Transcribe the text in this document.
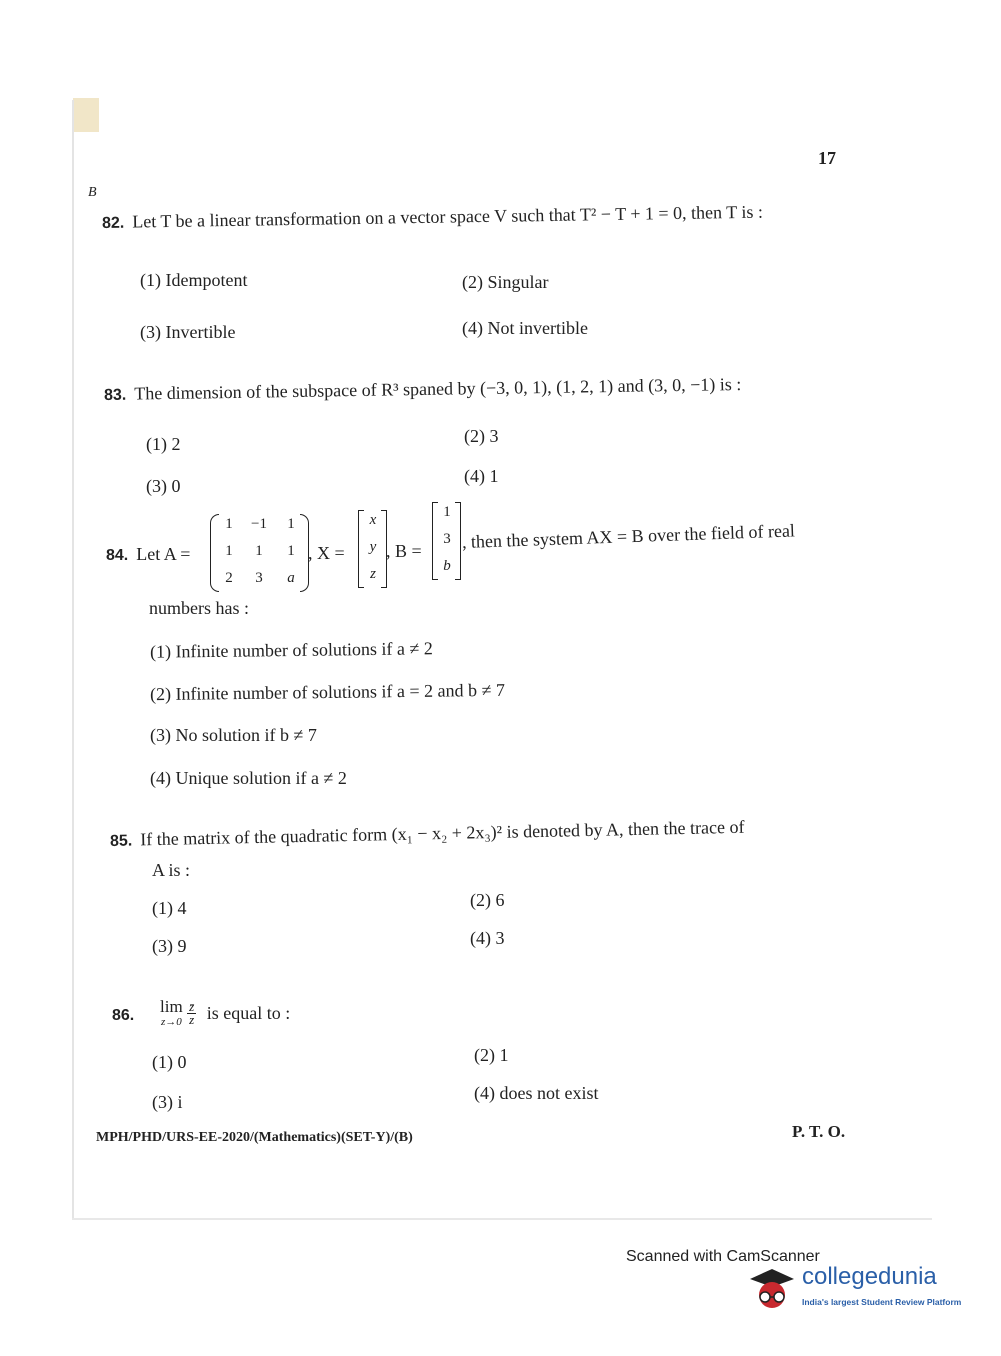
17
B
82. Let T be a linear transformation on a vector space V such that T² − T + 1 = 0, then T is :
(1) Idempotent	(2) Singular
(3) Invertible	(4) Not invertible
83. The dimension of the subspace of R³ spaned by (−3, 0, 1), (1, 2, 1) and (3, 0, −1) is :
(1) 2	(2) 3
(3) 0	(4) 1
84. Let A =
1	−1	1
1	1	1
2	3	a
, X =
x
y
z
, B =
1
3
b
, then the system AX = B over the field of real
numbers has :
(1) Infinite number of solutions if a ≠ 2
(2) Infinite number of solutions if a = 2 and b ≠ 7
(3) No solution if b ≠ 7
(4) Unique solution if a ≠ 2
85. If the matrix of the quadratic form (x₁ − x₂ + 2x₃)² is denoted by A, then the trace of
A is :
(1) 4	(2) 6
(3) 9	(4) 3
86.	lim
z→0
$\frac{z̄}{z}$ is equal to :
(1) 0	(2) 1
(3) i	(4) does not exist
MPH/PHD/URS-EE-2020/(Mathematics)(SET-Y)/(B)	P. T. O.
Scanned with CamScanner
collegedunia
India's largest Student Review Platform
